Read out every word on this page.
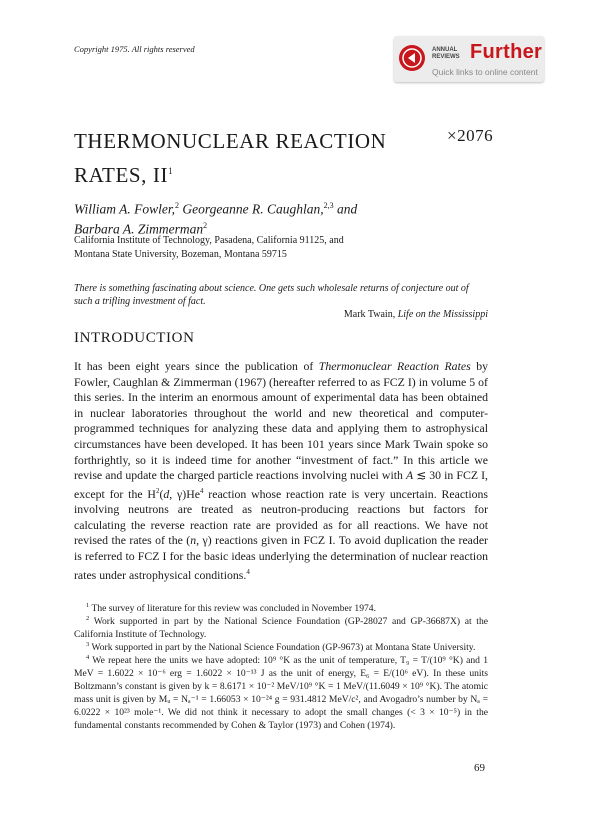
Copyright 1975. All rights reserved	ANNUAL
REVIEWS Further
Quick links to online content
THERMONUCLEAR REACTION
RATES, $II^1$
×2076
William A. Fowler,$^2$ Georgeanne R. Caughlan,$^{2,3}$ and
Barbara A. Zimmerman$^2$
California Institute of Technology, Pasadena, California 91125, and
Montana State University, Bozeman, Montana 59715
There is something fascinating about science. One gets such wholesale returns of conjecture out of such a trifling investment of fact.
Mark Twain, Life on the Mississippi
INTRODUCTION

It has been eight years since the publication of Thermonuclear Reaction Rates by Fowler, Caughlan & Zimmerman (1967) (hereafter referred to as FCZ I) in volume 5 of this series. In the interim an enormous amount of experimental data has been obtained in nuclear laboratories throughout the world and new theoretical and computer-programmed techniques for analyzing these data and applying them to astrophysical circumstances have been developed. It has been 101 years since Mark Twain spoke so forthrightly, so it is indeed time for another “investment of fact.” In this article we revise and update the charged particle reactions involving nuclei with A ≲ 30 in FCZ I, except for the $H^2(d$, γ)He$^4$ reaction whose reaction rate is very uncertain. Reactions involving neutrons are treated as neutron-producing reactions but factors for calculating the reverse reaction rate are provided as for all reactions. We have not revised the rates of the (n, γ) reactions given in FCZ I. To avoid duplication the reader is referred to FCZ I for the basic ideas underlying the determination of nuclear reaction rates under astrophysical conditions.$^4$

$^1$ The survey of literature for this review was concluded in November 1974.

$^2$ Work supported in part by the National Science Foundation (GP-28027 and GP-36687X) at the California Institute of Technology.

$^3$ Work supported in part by the National Science Foundation (GP-9673) at Montana State University.

$^4$ We repeat here the units we have adopted: 10⁹ °K as the unit of temperature, T₉ = T/(10⁹ °K) and 1 MeV = 1.6022 × 10⁻⁶ erg = 1.6022 × 10⁻¹³ J as the unit of energy, E₆ = E/(10⁶ eV). In these units Boltzmann’s constant is given by k = 8.6171 × 10⁻² MeV/10⁹ °K = 1 MeV/(11.6049 × 10⁹ °K). The atomic mass unit is given by Mᵤ = Nₐ⁻¹ = 1.66053 × 10⁻²⁴ g = 931.4812 MeV/c², and Avogadro’s number by Nₐ = 6.0222 × 10²³ mole⁻¹. We did not think it necessary to adopt the small changes (< 3 × 10⁻⁵) in the fundamental constants recommended by Cohen & Taylor (1973) and Cohen (1974).

69
